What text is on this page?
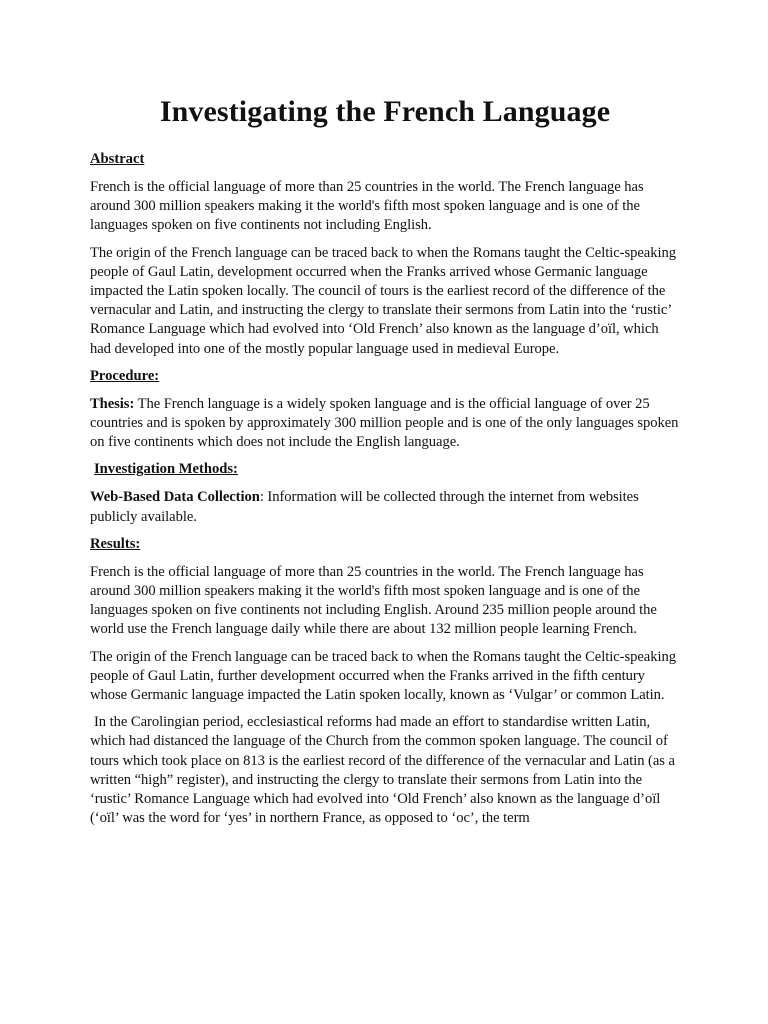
Investigating the French Language
Abstract

French is the official language of more than 25 countries in the world. The French language has around 300 million speakers making it the world's fifth most spoken language and is one of the languages spoken on five continents not including English.

The origin of the French language can be traced back to when the Romans taught the Celtic-speaking people of Gaul Latin, development occurred when the Franks arrived whose Germanic language impacted the Latin spoken locally. The council of tours is the earliest record of the difference of the vernacular and Latin, and instructing the clergy to translate their sermons from Latin into the ‘rustic’ Romance Language which had evolved into ‘Old French’ also known as the language d’oïl, which had developed into one of the mostly popular language used in medieval Europe.

Procedure:

Thesis: The French language is a widely spoken language and is the official language of over 25 countries and is spoken by approximately 300 million people and is one of the only languages spoken on five continents which does not include the English language.

Investigation Methods:

Web-Based Data Collection: Information will be collected through the internet from websites publicly available.

Results:

French is the official language of more than 25 countries in the world. The French language has around 300 million speakers making it the world's fifth most spoken language and is one of the languages spoken on five continents not including English. Around 235 million people around the world use the French language daily while there are about 132 million people learning French.

The origin of the French language can be traced back to when the Romans taught the Celtic-speaking people of Gaul Latin, further development occurred when the Franks arrived in the fifth century whose Germanic language impacted the Latin spoken locally, known as ‘Vulgar’ or common Latin.

In the Carolingian period, ecclesiastical reforms had made an effort to standardise written Latin, which had distanced the language of the Church from the common spoken language. The council of tours which took place on 813 is the earliest record of the difference of the vernacular and Latin (as a written “high” register), and instructing the clergy to translate their sermons from Latin into the ‘rustic’ Romance Language which had evolved into ‘Old French’ also known as the language d’oïl (‘oïl’ was the word for ‘yes’ in northern France, as opposed to ‘oc’, the term
